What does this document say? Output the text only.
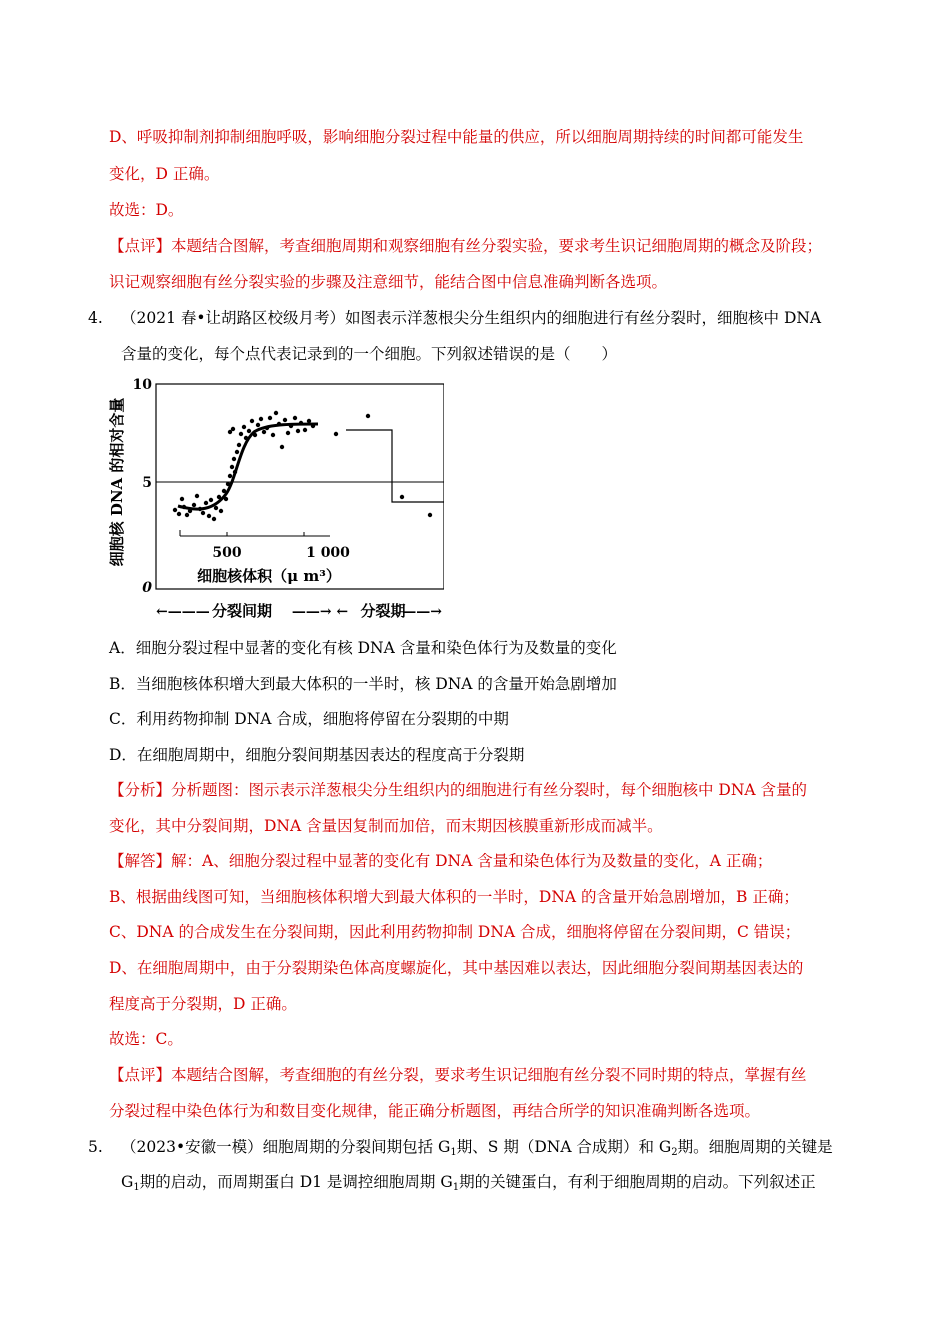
D、呼吸抑制剂抑制细胞呼吸，影响细胞分裂过程中能量的供应，所以细胞周期持续的时间都可能发生
变化，D 正确。
故选：D。
【点评】本题结合图解，考查细胞周期和观察细胞有丝分裂实验，要求考生识记细胞周期的概念及阶段；
识记观察细胞有丝分裂实验的步骤及注意细节，能结合图中信息准确判断各选项。
4. （2021 春•让胡路区校级月考）如图表示洋葱根尖分生组织内的细胞进行有丝分裂时，细胞核中 DNA
含量的变化，每个点代表记录到的一个细胞。下列叙述错误的是（　　）
细胞核 DNA 的相对含量
10
5
0
500	1 000
细胞核体积（μ m³）
←——— 分裂间期 ——→ ← 分裂期
——→
A．细胞分裂过程中显著的变化有核 DNA 含量和染色体行为及数量的变化
B．当细胞核体积增大到最大体积的一半时，核 DNA 的含量开始急剧增加
C．利用药物抑制 DNA 合成，细胞将停留在分裂期的中期
D．在细胞周期中，细胞分裂间期基因表达的程度高于分裂期
【分析】分析题图：图示表示洋葱根尖分生组织内的细胞进行有丝分裂时，每个细胞核中 DNA 含量的
变化，其中分裂间期，DNA 含量因复制而加倍，而末期因核膜重新形成而减半。
【解答】解：A、细胞分裂过程中显著的变化有 DNA 含量和染色体行为及数量的变化，A 正确；
B、根据曲线图可知，当细胞核体积增大到最大体积的一半时，DNA 的含量开始急剧增加，B 正确；
C、DNA 的合成发生在分裂间期，因此利用药物抑制 DNA 合成，细胞将停留在分裂间期，C 错误；
D、在细胞周期中，由于分裂期染色体高度螺旋化，其中基因难以表达，因此细胞分裂间期基因表达的
程度高于分裂期，D 正确。
故选：C。
【点评】本题结合图解，考查细胞的有丝分裂，要求考生识记细胞有丝分裂不同时期的特点，掌握有丝
分裂过程中染色体行为和数目变化规律，能正确分析题图，再结合所学的知识准确判断各选项。
5. （2023•安徽一模）细胞周期的分裂间期包括 $G_1$期、S 期（DNA 合成期）和 $G_2$期。细胞周期的关键是
$G_1$期的启动，而周期蛋白 D1 是调控细胞周期 $G_1$期的关键蛋白，有利于细胞周期的启动。下列叙述正
